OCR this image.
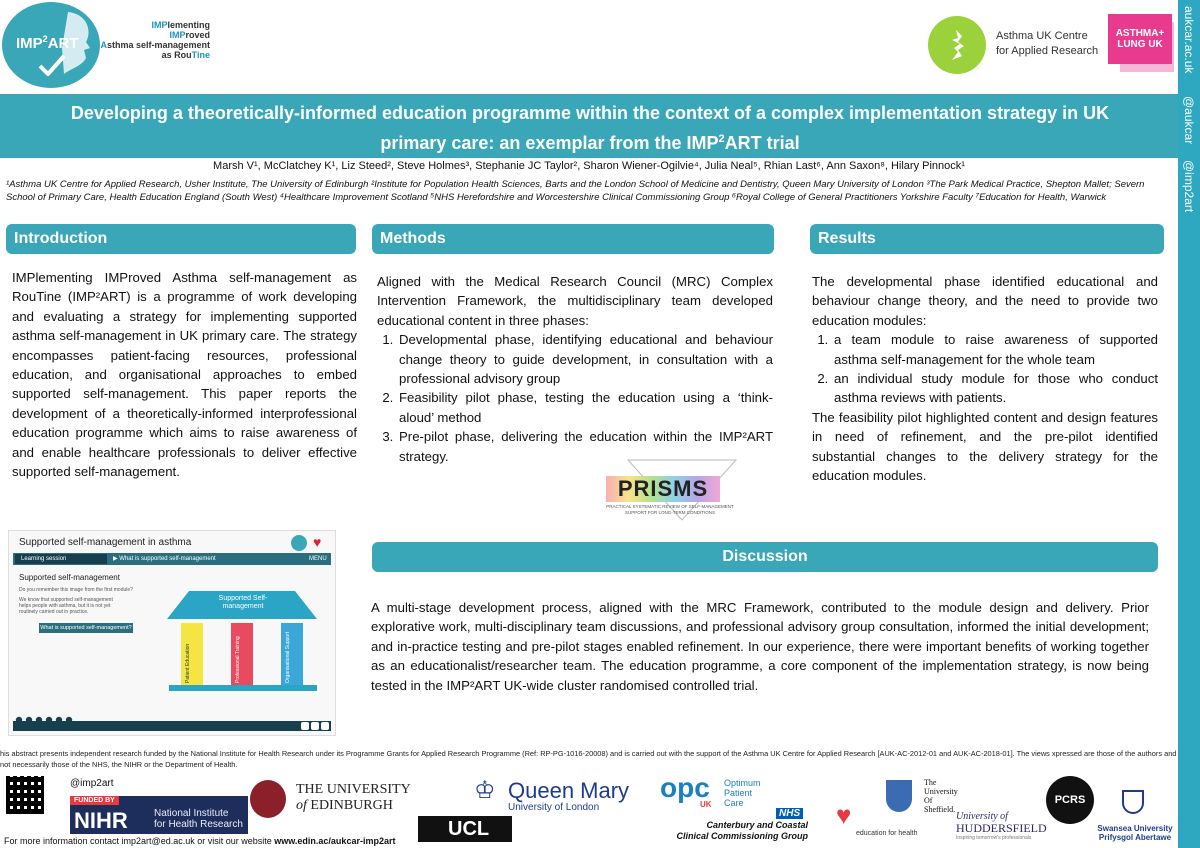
IMP$^2$ART
IMPlementing
IMProved
Asthma self-management
as RouTine
Asthma UK Centre
for Applied Research
ASTHMA+
LUNG UK	aukcar.ac.uk
@aukcar
@imp2art
Developing a theoretically-informed education programme within the context of a complex implementation strategy in UK
primary care: an exemplar from the IMP$^2$ART trial
Marsh V¹, McClatchey K¹, Liz Steed², Steve Holmes³, Stephanie JC Taylor², Sharon Wiener-Ogilvie⁴, Julia Neal⁵, Rhian Last⁶, Ann Saxon⁸, Hilary Pinnock¹
¹Asthma UK Centre for Applied Research, Usher Institute, The University of Edinburgh ²Institute for Population Health Sciences, Barts and the London School of Medicine and Dentistry, Queen Mary University of London ³The Park Medical Practice, Shepton Mallet; Severn School of Primary Care, Health Education England (South West) ⁴Healthcare Improvement Scotland ⁵NHS Herefordshire and Worcestershire Clinical Commissioning Group ⁶Royal College of General Practitioners Yorkshire Faculty ⁷Education for Health, Warwick
Introduction
IMPlementing IMProved Asthma self-management as RouTine (IMP²ART) is a programme of work developing and evaluating a strategy for implementing supported asthma self-management in UK primary care. The strategy encompasses patient-facing resources, professional education, and organisational approaches to embed supported self-management. This paper reports the development of a theoretically-informed interprofessional education programme which aims to raise awareness of and enable healthcare professionals to deliver effective supported self-management.
Supported self-management in asthma	♥
Learning session	▶ What is supported self-management	MENU
Supported self-management
Do you remember this image from the first module?
We know that supported self-management helps people with asthma, but it is not yet routinely carried out in practice.
What is supported self-management?
Supported Self-management
Patient Education	Professional Training	Organisational Support
Methods
Aligned with the Medical Research Council (MRC) Complex Intervention Framework, the multidisciplinary team developed educational content in three phases:
1. Developmental phase, identifying educational and behaviour change theory to guide development, in consultation with a professional advisory group
2. Feasibility pilot phase, testing the education using a ‘think-aloud’ method
3. Pre-pilot phase, delivering the education within the IMP²ART strategy.
PRISMS
PRACTICAL SYSTEMATIC REVIEW OF SELF-MANAGEMENT
SUPPORT FOR LONG-TERM CONDITIONS
Results
The developmental phase identified educational and behaviour change theory, and the need to provide two education modules:
1. a team module to raise awareness of supported asthma self-management for the whole team
2. an individual study module for those who conduct asthma reviews with patients.
The feasibility pilot highlighted content and design features in need of refinement, and the pre-pilot identified substantial changes to the delivery strategy for the education modules.
Discussion
A multi-stage development process, aligned with the MRC Framework, contributed to the module design and delivery. Prior explorative work, multi-disciplinary team discussions, and professional advisory group consultation, informed the initial development; and in-practice testing and pre-pilot stages enabled refinement. In our experience, there were important benefits of working together as an educationalist/researcher team. The education programme, a core component of the implementation strategy, is now being tested in the IMP²ART UK-wide cluster randomised controlled trial.
his abstract presents independent research funded by the National Institute for Health Research under its Programme Grants for Applied Research Programme (Ref: RP-PG-1016-20008) and is carried out with the support of the Asthma UK Centre for Applied Research [AUK-AC-2012-01 and AUK-AC-2018-01]. The views xpressed are those of the authors and not necessarily those of the NHS, the NIHR or the Department of Health.
@imp2art
FUNDED BY
NIHR	National Institute
for Health Research
THE UNIVERSITY
of EDINBURGH
♔ Queen Mary
University of London
UCL
opc
UK
Optimum
Patient
Care
NHS
Canterbury and Coastal
Clinical Commissioning Group
♥
education for health
The
University
Of
Sheffield.
University of
HUDDERSFIELD
Inspiring tomorrow's professionals
PCRS
Swansea University
Prifysgol Abertawe
For more information contact imp2art@ed.ac.uk or visit our website www.edin.ac/aukcar-imp2art
